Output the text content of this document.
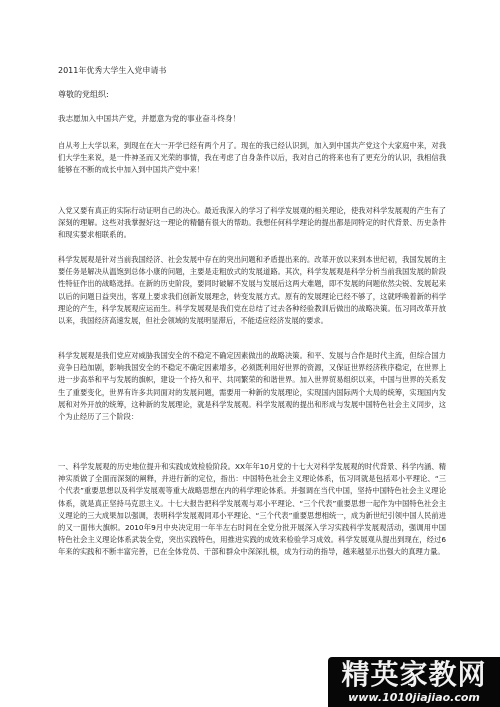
2011年优秀大学生入党申请书
尊敬的党组织:

我志愿加入中国共产党，并愿意为党的事业奋斗终身！

自从考上大学以来，到现在在大一开学已经有两个月了。现在的我已经认识到，加入到中国共产党这个大家庭中来，对我们大学生来说，是一件神圣而又光荣的事情，我在考虑了自身条件以后，我对自己的将来也有了更充分的认识，我相信我能够在不断的成长中加入到中国共产党中来！

入党又要有真正的实际行动证明自己的决心。最近我深入的学习了科学发展观的相关理论，使我对科学发展观的产生有了深刻的理解。这些对我掌握好这一理论的精髓有很大的帮助。我想任何科学理论的提出都是同特定的时代背景、历史条件和现实要求相联系的。

科学发展观是针对当前我国经济、社会发展中存在的突出问题和矛盾提出来的。改革开放以来到本世纪初，我国发展的主要任务是解决从温饱到总体小康的问题，主要是走粗放式的发展道路。其次，科学发展观是科学分析当前我国发展的阶段性特征作出的战略选择。在新的历史阶段，要同时破解不发展与发展后这两大难题，即不发展的问题依然尖锐、发展起来以后的问题日益突出，客观上要求我们创新发展理念，转变发展方式。原有的发展理论已经不够了，这就呼唤着新的科学理论的产生，科学发展观应运而生。科学发展观是我们党在总结了过去各种经验教训后做出的战略决策。伍习同改革开放以来，我国经济高速发展，但社会领域的发展明显滞后，不能适应经济发展的要求。

科学发展观是我们党应对威胁我国安全的不稳定不确定因素做出的战略决策。和平、发展与合作是时代主流，但综合国力竞争日趋加剧，影响我国安全的不稳定不确定因素增多，必须既利用好世界的资源，又保证世界经济秩序稳定，在世界上进一步高举和平与发展的旗帜，建设一个持久和平、共同繁荣的和谐世界。加入世界贸易组织以来，中国与世界的关系发生了重要变化，世界有许多共同面对的发展问题，需要用一种新的发展理论，实现国内国际两个大局的统筹，实现国内发展和对外开放的统筹，这种新的发展理论，就是科学发展观。科学发展观的提出和形成与发展中国特色社会主义同步，这个为止经历了三个阶段：

一、科学发展观的历史地位提升和实践成效检验阶段。XX年年10月党的十七大对科学发展观的时代背景、科学内涵、精神实质做了全面而深刻的阐释，并进行新的定位，指出：中国特色社会主义理论体系，伍习同就是包括邓小平理论、“三个代表”重要思想以及科学发展观等重大战略思想在内的科学理论体系。并强调在当代中国，坚持中国特色社会主义理论体系，就是真正坚持马克思主义。十七大报告把科学发展观与邓小平理论、“三个代表”重要思想一起作为中国特色社会主义理论的三大成果加以强调，表明科学发展观同邓小平理论、“三个代表”重要思想相统一，成为新世纪引领中国人民前进的又一面伟大旗帜。2010年9月中央决定用一年半左右时间在全党分批开展深入学习实践科学发展观活动，强调用中国特色社会主义理论体系武装全党，突出实践特色，用推进实践的成效来检验学习成效。科学发展观从提出到现在，经过6年来的实践和不断丰富完善，已在全体党员、干部和群众中深深扎根，成为行动的指导，越来越显示出强大的真理力量。

精英家教网
www.1010jiajiao.com
